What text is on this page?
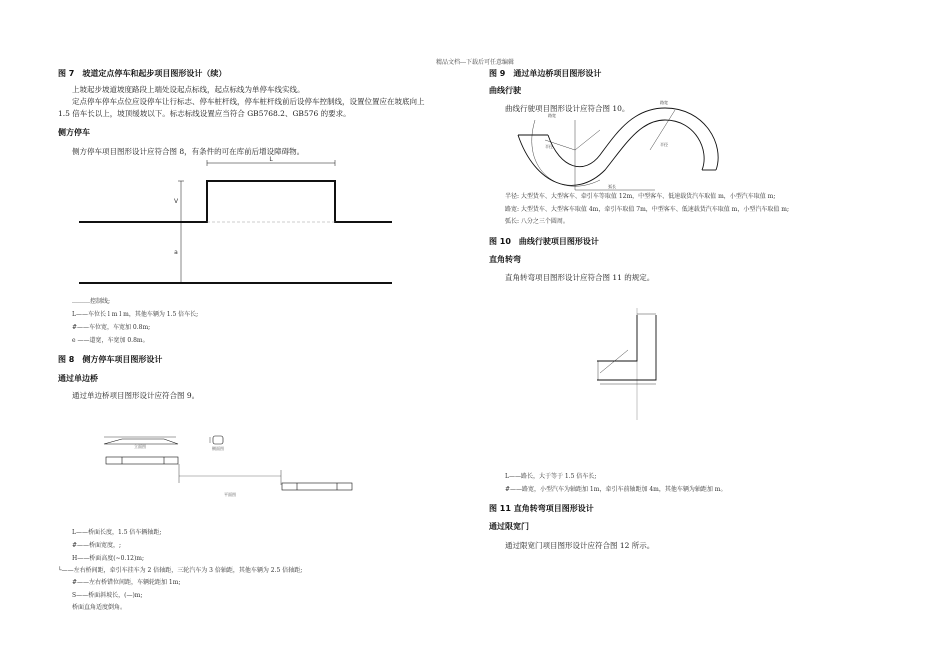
精品文档---下载后可任意编辑
图 7　坡道定点停车和起步项目图形设计（续）
上坡起步坡道坡度路段上端处设起点标线，起点标线为单停车线实线。
定点停车停车点位应设停车让行标志、停车桩杆线，停车桩杆线前后设停车控制线，设置位置应在坡底向上
1.5 倍车长以上，坡顶缓坡以下。标志标线设置应当符合 GB5768.2、GB576 的要求。
侧方停车
侧方停车项目图形设计应符合图 8，有条件的可在库前后增设障碍物。
L
V
a
………控制线;
L——车位长 l m l m，其他车辆为 1.5 倍车长;
#——车位宽，车宽加 0.8m;
e ——道宽，车宽加 0.8m。
图 8　侧方停车项目图形设计
通过单边桥
通过单边桥项目图形设计应符合图 9。
立面图	侧面图
平面图
L——桥面长度，1.5 倍车辆轴距;
#——桥面宽度，;
H——桥面高度(~0.12)m;
└——左右桥间距，牵引车挂车为 2 倍轴距，三轮汽车为 3 倍轴距，其他车辆为 2.5 倍轴距;
#——左右桥错位间距，车辆轮距加 1m;
S——桥面斜坡长，(—)m;
桥面直角适度倒角。
图 9　通过单边桥项目图形设计
曲线行驶
曲线行驶项目图形设计应符合图 10。
路宽
路宽
半径	半径
弧长
半径: 大型货车、大型客车、牵引车等取值 12m，中型客车、低速载货汽车取值 m，小型汽车取值 m;
路宽: 大型货车、大型客车取值 4m，牵引车取值 7m，中型客车、低速载货汽车取值 m，小型汽车取值 m;
弧长: 八分之三个圆周。
图 10　曲线行驶项目图形设计
直角转弯
直角转弯项目图形设计应符合图 11 的规定。
L——路长，大于等于 1.5 倍车长;
#——路宽，小型汽车为轴距加 1m，牵引车前轴距加 4m，其他车辆为轴距加 m。
图 11 直角转弯项目图形设计
通过限宽门
通过限宽门项目图形设计应符合图 12 所示。
